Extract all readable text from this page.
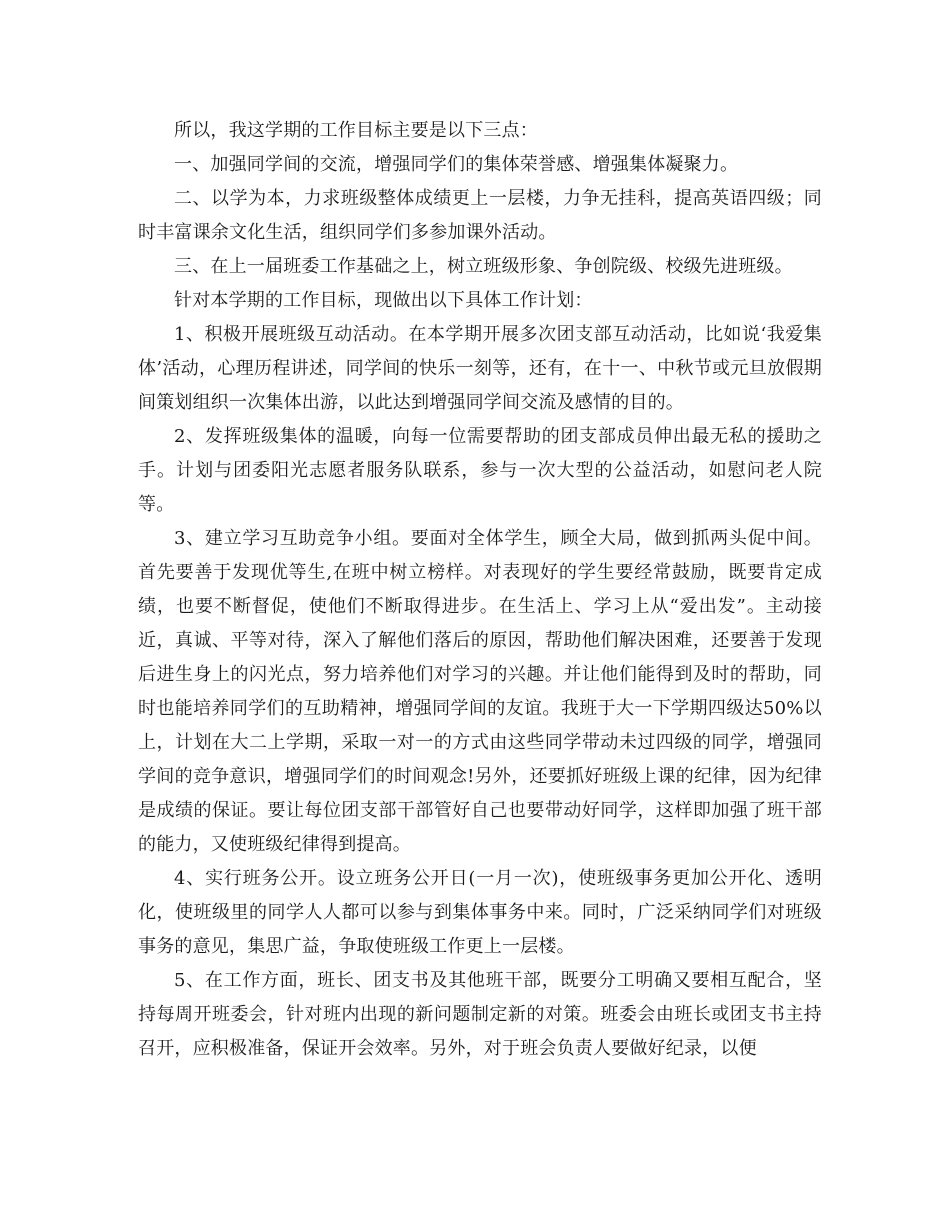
所以，我这学期的工作目标主要是以下三点：

一、加强同学间的交流，增强同学们的集体荣誉感、增强集体凝聚力。

二、以学为本，力求班级整体成绩更上一层楼，力争无挂科，提高英语四级；同时丰富课余文化生活，组织同学们多参加课外活动。

三、在上一届班委工作基础之上，树立班级形象、争创院级、校级先进班级。

针对本学期的工作目标，现做出以下具体工作计划：

1、积极开展班级互动活动。在本学期开展多次团支部互动活动，比如说‘我爱集体’活动，心理历程讲述，同学间的快乐一刻等，还有，在十一、中秋节或元旦放假期间策划组织一次集体出游，以此达到增强同学间交流及感情的目的。

2、发挥班级集体的温暖，向每一位需要帮助的团支部成员伸出最无私的援助之手。计划与团委阳光志愿者服务队联系，参与一次大型的公益活动，如慰问老人院等。

3、建立学习互助竞争小组。要面对全体学生，顾全大局，做到抓两头促中间。首先要善于发现优等生,在班中树立榜样。对表现好的学生要经常鼓励，既要肯定成绩，也要不断督促，使他们不断取得进步。在生活上、学习上从“爱出发”。主动接近，真诚、平等对待，深入了解他们落后的原因，帮助他们解决困难，还要善于发现后进生身上的闪光点，努力培养他们对学习的兴趣。并让他们能得到及时的帮助，同时也能培养同学们的互助精神，增强同学间的友谊。我班于大一下学期四级达50%以上，计划在大二上学期，采取一对一的方式由这些同学带动未过四级的同学，增强同学间的竞争意识，增强同学们的时间观念!另外，还要抓好班级上课的纪律，因为纪律是成绩的保证。要让每位团支部干部管好自己也要带动好同学，这样即加强了班干部的能力，又使班级纪律得到提高。

4、实行班务公开。设立班务公开日(一月一次)，使班级事务更加公开化、透明化，使班级里的同学人人都可以参与到集体事务中来。同时，广泛采纳同学们对班级事务的意见，集思广益，争取使班级工作更上一层楼。

5、在工作方面，班长、团支书及其他班干部，既要分工明确又要相互配合，坚持每周开班委会，针对班内出现的新问题制定新的对策。班委会由班长或团支书主持召开，应积极准备，保证开会效率。另外，对于班会负责人要做好纪录，以便
